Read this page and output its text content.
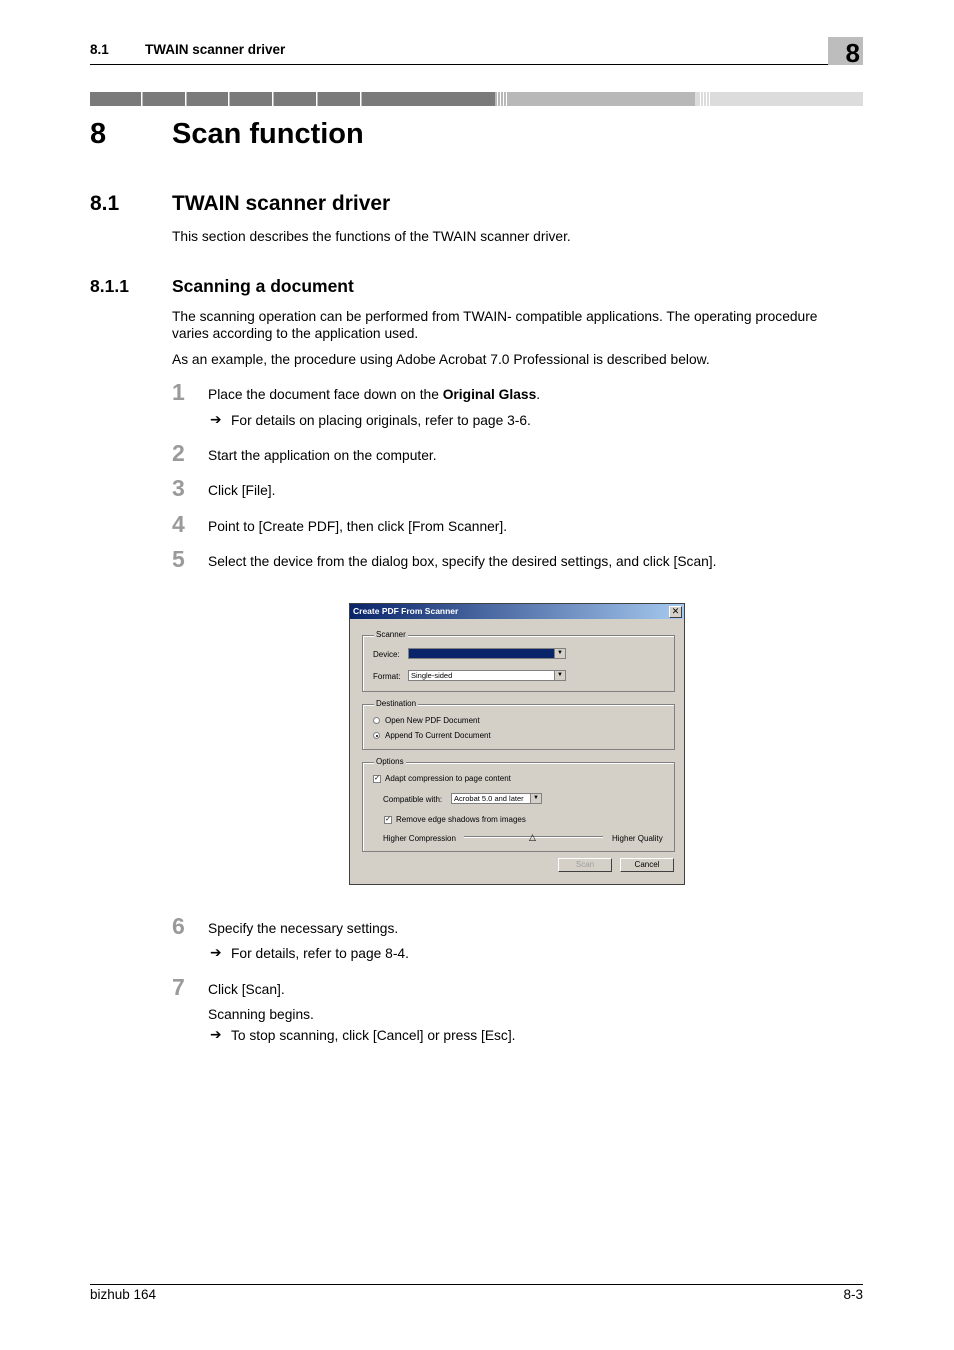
8.1	TWAIN scanner driver	8
8 Scan function
8.1	TWAIN scanner driver
This section describes the functions of the TWAIN scanner driver.
8.1.1 Scanning a document
The scanning operation can be performed from TWAIN- compatible applications. The operating procedure
varies according to the application used.
As an example, the procedure using Adobe Acrobat 7.0 Professional is described below.
1 Place the document face down on the Original Glass.
➔ For details on placing originals, refer to page 3-6.
2 Start the application on the computer.
3 Click [File].
4 Point to [Create PDF], then click [From Scanner].
5 Select the device from the dialog box, specify the desired settings, and click [Scan].
Create PDF From Scanner	✕
Scanner
Device:	▼
Format:	Single-sided	▼
Destination
Open New PDF Document
Append To Current Document
Options
✓ Adapt compression to page content
Compatible with:	Acrobat 5.0 and later	▼
✓ Remove edge shadows from images
Higher Compression	△	Higher Quality
Scan	Cancel
6 Specify the necessary settings.
➔ For details, refer to page 8-4.
7 Click [Scan].
Scanning begins.
➔ To stop scanning, click [Cancel] or press [Esc].
bizhub 164	8-3
